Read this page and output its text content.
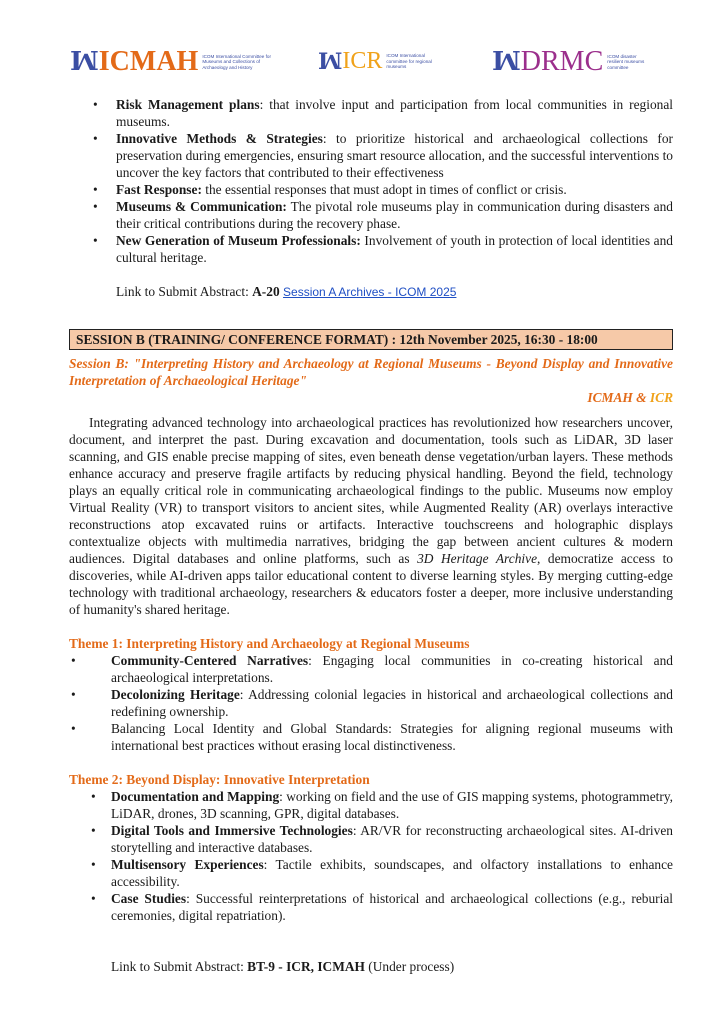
ꟽ ICMAH ICOM International Committee for Museums and Collections of Archaeology and History	ꟽ ICR ICOM International committee for regional museums	ꟽ DRMC ICOM disaster resilient museums committee
• Risk Management plans: that involve input and participation from local communities in regional museums.
• Innovative Methods & Strategies: to prioritize historical and archaeological collections for preservation during emergencies, ensuring smart resource allocation, and the successful interventions to uncover the key factors that contributed to their effectiveness
• Fast Response: the essential responses that must adopt in times of conflict or crisis.
• Museums & Communication: The pivotal role museums play in communication during disasters and their critical contributions during the recovery phase.
• New Generation of Museum Professionals: Involvement of youth in protection of local identities and cultural heritage.
Link to Submit Abstract: A-20 Session A Archives - ICOM 2025
SESSION B (TRAINING/ CONFERENCE FORMAT) : 12th November 2025, 16:30 - 18:00
Session B: "Interpreting History and Archaeology at Regional Museums - Beyond Display and Innovative Interpretation of Archaeological Heritage"
ICMAH & ICR
Integrating advanced technology into archaeological practices has revolutionized how researchers uncover, document, and interpret the past. During excavation and documentation, tools such as LiDAR, 3D laser scanning, and GIS enable precise mapping of sites, even beneath dense vegetation/urban layers. These methods enhance accuracy and preserve fragile artifacts by reducing physical handling. Beyond the field, technology plays an equally critical role in communicating archaeological findings to the public. Museums now employ Virtual Reality (VR) to transport visitors to ancient sites, while Augmented Reality (AR) overlays interactive reconstructions atop excavated ruins or artifacts. Interactive touchscreens and holographic displays contextualize objects with multimedia narratives, bridging the gap between ancient cultures & modern audiences. Digital databases and online platforms, such as 3D Heritage Archive, democratize access to discoveries, while AI-driven apps tailor educational content to diverse learning styles. By merging cutting-edge technology with traditional archaeology, researchers & educators foster a deeper, more inclusive understanding of humanity's shared heritage.
Theme 1: Interpreting History and Archaeology at Regional Museums
• Community-Centered Narratives: Engaging local communities in co-creating historical and archaeological interpretations.
• Decolonizing Heritage: Addressing colonial legacies in historical and archaeological collections and redefining ownership.
• Balancing Local Identity and Global Standards: Strategies for aligning regional museums with international best practices without erasing local distinctiveness.
Theme 2: Beyond Display: Innovative Interpretation
• Documentation and Mapping: working on field and the use of GIS mapping systems, photogrammetry, LiDAR, drones, 3D scanning, GPR, digital databases.
• Digital Tools and Immersive Technologies: AR/VR for reconstructing archaeological sites. AI-driven storytelling and interactive databases.
• Multisensory Experiences: Tactile exhibits, soundscapes, and olfactory installations to enhance accessibility.
• Case Studies: Successful reinterpretations of historical and archaeological collections (e.g., reburial ceremonies, digital repatriation).
Link to Submit Abstract: BT-9 - ICR, ICMAH (Under process)
